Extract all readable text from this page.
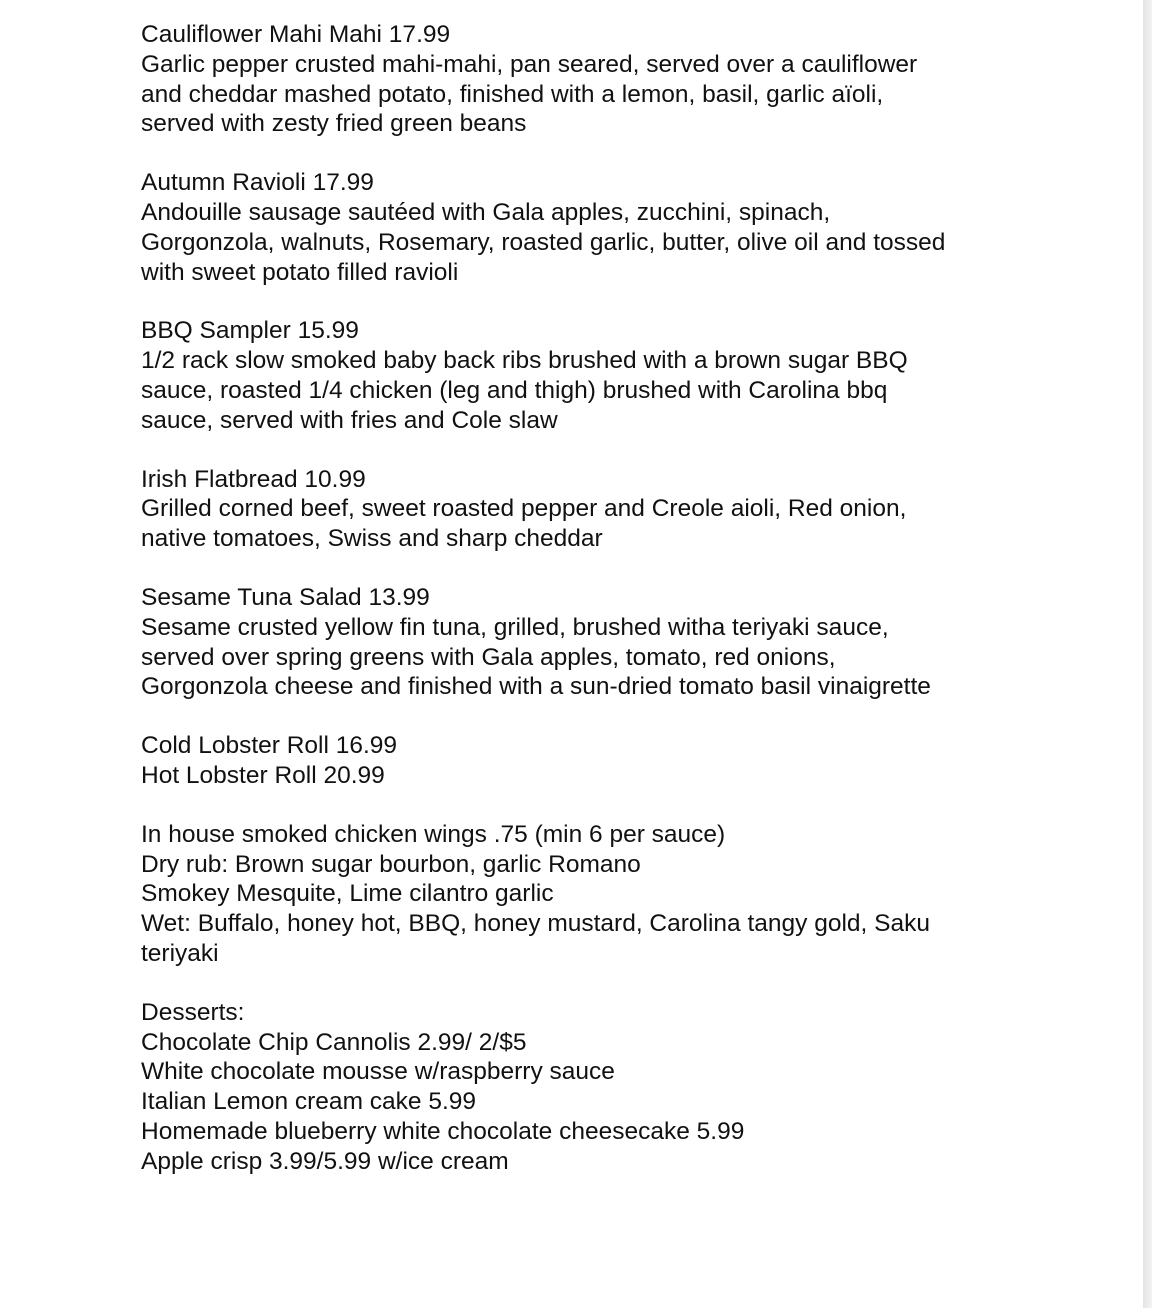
Cauliflower Mahi Mahi 17.99
Garlic pepper crusted mahi-mahi, pan seared, served over a cauliflower
and cheddar mashed potato, finished with a lemon, basil, garlic aïoli,
served with zesty fried green beans
Autumn Ravioli 17.99
Andouille sausage sautéed with Gala apples, zucchini, spinach,
Gorgonzola, walnuts, Rosemary, roasted garlic, butter, olive oil and tossed
with sweet potato filled ravioli
BBQ Sampler 15.99
1/2 rack slow smoked baby back ribs brushed with a brown sugar BBQ
sauce, roasted 1/4 chicken (leg and thigh) brushed with Carolina bbq
sauce, served with fries and Cole slaw
Irish Flatbread 10.99
Grilled corned beef, sweet roasted pepper and Creole aioli, Red onion,
native tomatoes, Swiss and sharp cheddar
Sesame Tuna Salad 13.99
Sesame crusted yellow fin tuna, grilled, brushed witha teriyaki sauce,
served over spring greens with Gala apples, tomato, red onions,
Gorgonzola cheese and finished with a sun-dried tomato basil vinaigrette
Cold Lobster Roll 16.99
Hot Lobster Roll 20.99
In house smoked chicken wings .75 (min 6 per sauce)
Dry rub: Brown sugar bourbon, garlic Romano
Smokey Mesquite, Lime cilantro garlic
Wet: Buffalo, honey hot, BBQ, honey mustard, Carolina tangy gold, Saku
teriyaki
Desserts:
Chocolate Chip Cannolis 2.99/ 2/$5
White chocolate mousse w/raspberry sauce
Italian Lemon cream cake 5.99
Homemade blueberry white chocolate cheesecake 5.99
Apple crisp 3.99/5.99 w/ice cream
